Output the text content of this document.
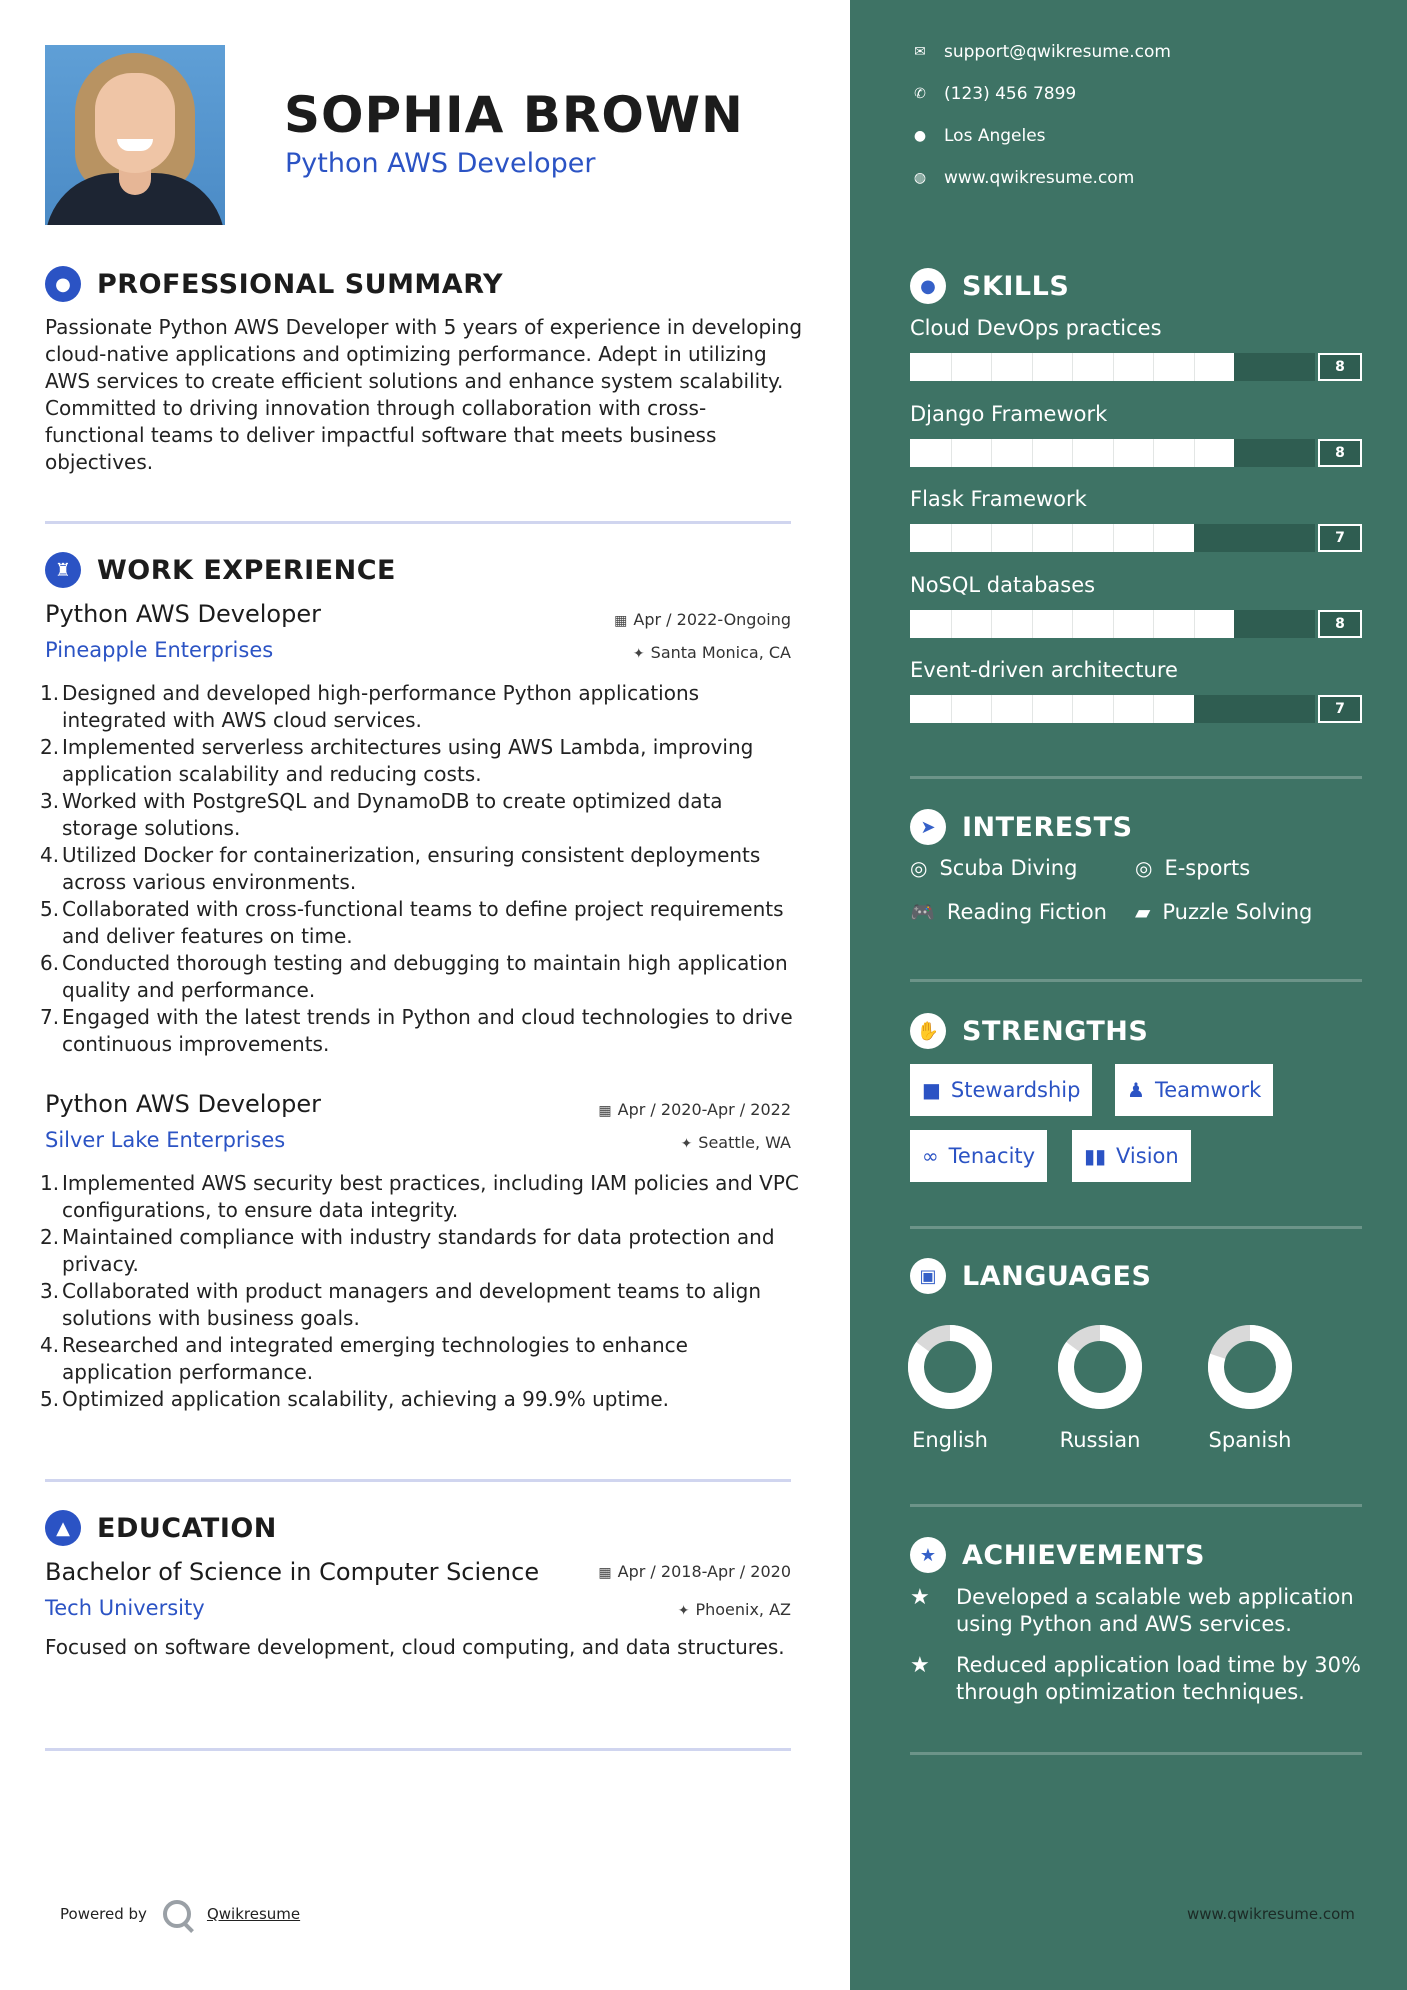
SOPHIA BROWN
Python AWS Developer
● PROFESSIONAL SUMMARY
Passionate Python AWS Developer with 5 years of experience in developing cloud-native applications and optimizing performance. Adept in utilizing AWS services to create efficient solutions and enhance system scalability. Committed to driving innovation through collaboration with cross-functional teams to deliver impactful software that meets business objectives.
♜ WORK EXPERIENCE
Python AWS Developer	▦ Apr / 2022-Ongoing
Pineapple Enterprises	✦ Santa Monica, CA
1. Designed and developed high-performance Python applications integrated with AWS cloud services.
2. Implemented serverless architectures using AWS Lambda, improving application scalability and reducing costs.
3. Worked with PostgreSQL and DynamoDB to create optimized data storage solutions.
4. Utilized Docker for containerization, ensuring consistent deployments across various environments.
5. Collaborated with cross-functional teams to define project requirements and deliver features on time.
6. Conducted thorough testing and debugging to maintain high application quality and performance.
7. Engaged with the latest trends in Python and cloud technologies to drive continuous improvements.
Python AWS Developer	▦ Apr / 2020-Apr / 2022
Silver Lake Enterprises	✦ Seattle, WA
1. Implemented AWS security best practices, including IAM policies and VPC configurations, to ensure data integrity.
2. Maintained compliance with industry standards for data protection and privacy.
3. Collaborated with product managers and development teams to align solutions with business goals.
4. Researched and integrated emerging technologies to enhance application performance.
5. Optimized application scalability, achieving a 99.9% uptime.
▲	EDUCATION
Bachelor of Science in Computer Science	▦ Apr / 2018-Apr / 2020
Tech University	✦ Phoenix, AZ
Focused on software development, cloud computing, and data structures.
Powered by	Qwikresume
✉ support@qwikresume.com
✆ (123) 456 7899
● Los Angeles
◍ www.qwikresume.com
● SKILLS
Cloud DevOps practices
8
Django Framework
8
Flask Framework
7
NoSQL databases
8
Event-driven architecture
7
➤ INTERESTS
◎ Scuba Diving	◎ E-sports
🎮 Reading Fiction ▰ Puzzle Solving
✋ STRENGTHS
■ Stewardship ♟ Teamwork
∞ Tenacity ▮▮ Vision
▣ LANGUAGES
English	Russian	Spanish
★ ACHIEVEMENTS
★	Developed a scalable web application using Python and AWS services.
★	Reduced application load time by 30% through optimization techniques.
www.qwikresume.com
